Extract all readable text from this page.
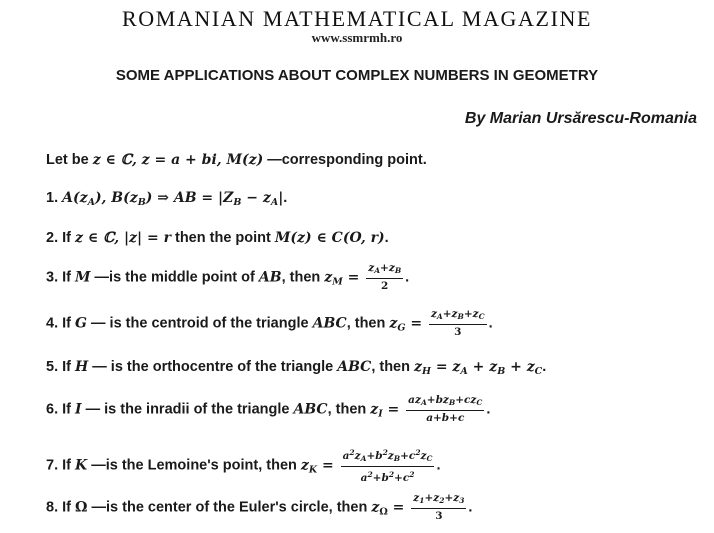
ROMANIAN MATHEMATICAL MAGAZINE
www.ssmrmh.ro
SOME APPLICATIONS ABOUT COMPLEX NUMBERS IN GEOMETRY
By Marian Ursărescu-Romania
Let be z ∈ ℂ, z = a + bi, M(z) —corresponding point.
1. $A(z_A)$, $B(z_B)$ ⇒ AB = $|Z_B - z_A|$.
2. If z ∈ ℂ, |z| = r then the point M(z) ∈ C(O, r).
3. If M —is the middle point of AB, then $z_M = \frac{zA+zB}{2}$ .
4. If G — is the centroid of the triangle ABC, then $z_G = \frac{zA+zB+zC}{3}$ .
5. If H — is the orthocentre of the triangle ABC, then $z_H = z_A + z_B + z_C$.
6. If I — is the inradii of the triangle ABC, then $z_I = \frac{\text{azA+bzB+czC}}{a+b+c}$ .
7. If K —is the Lemoine's point, then $z_K = \frac{a^2zA+b^2zB+c^2zC}{a^2+b^2+c^2}$ .
8. If Ω —is the center of the Euler's circle, then $z_\Omega = \frac{z1+z2+z3}{3}$ .
